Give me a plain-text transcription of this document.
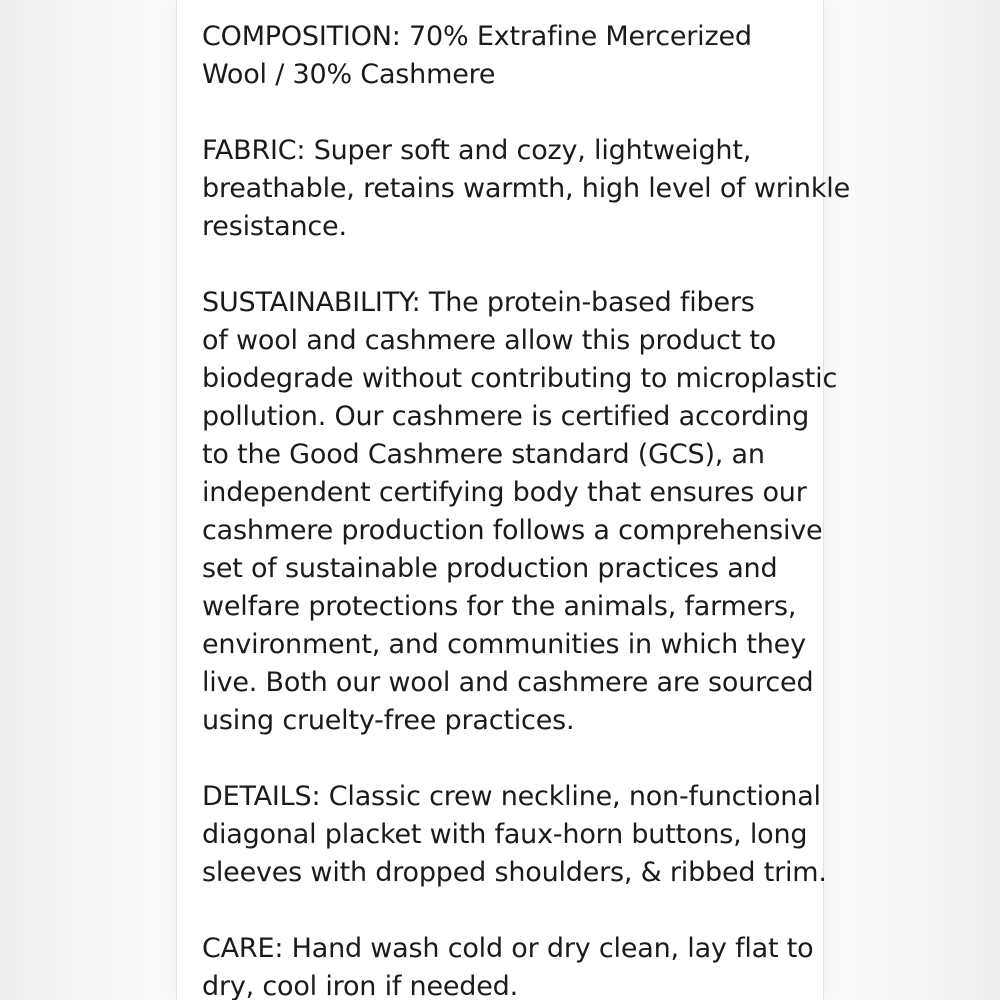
COMPOSITION: 70% Extrafine Mercerized
Wool / 30% Cashmere
FABRIC: Super soft and cozy, lightweight,
breathable, retains warmth, high level of wrinkle
resistance.
SUSTAINABILITY: The protein-based fibers
of wool and cashmere allow this product to
biodegrade without contributing to microplastic
pollution. Our cashmere is certified according
to the Good Cashmere standard (GCS), an
independent certifying body that ensures our
cashmere production follows a comprehensive
set of sustainable production practices and
welfare protections for the animals, farmers,
environment, and communities in which they
live. Both our wool and cashmere are sourced
using cruelty-free practices.
DETAILS: Classic crew neckline, non-functional
diagonal placket with faux-horn buttons, long
sleeves with dropped shoulders, & ribbed trim.
CARE: Hand wash cold or dry clean, lay flat to
dry, cool iron if needed.
